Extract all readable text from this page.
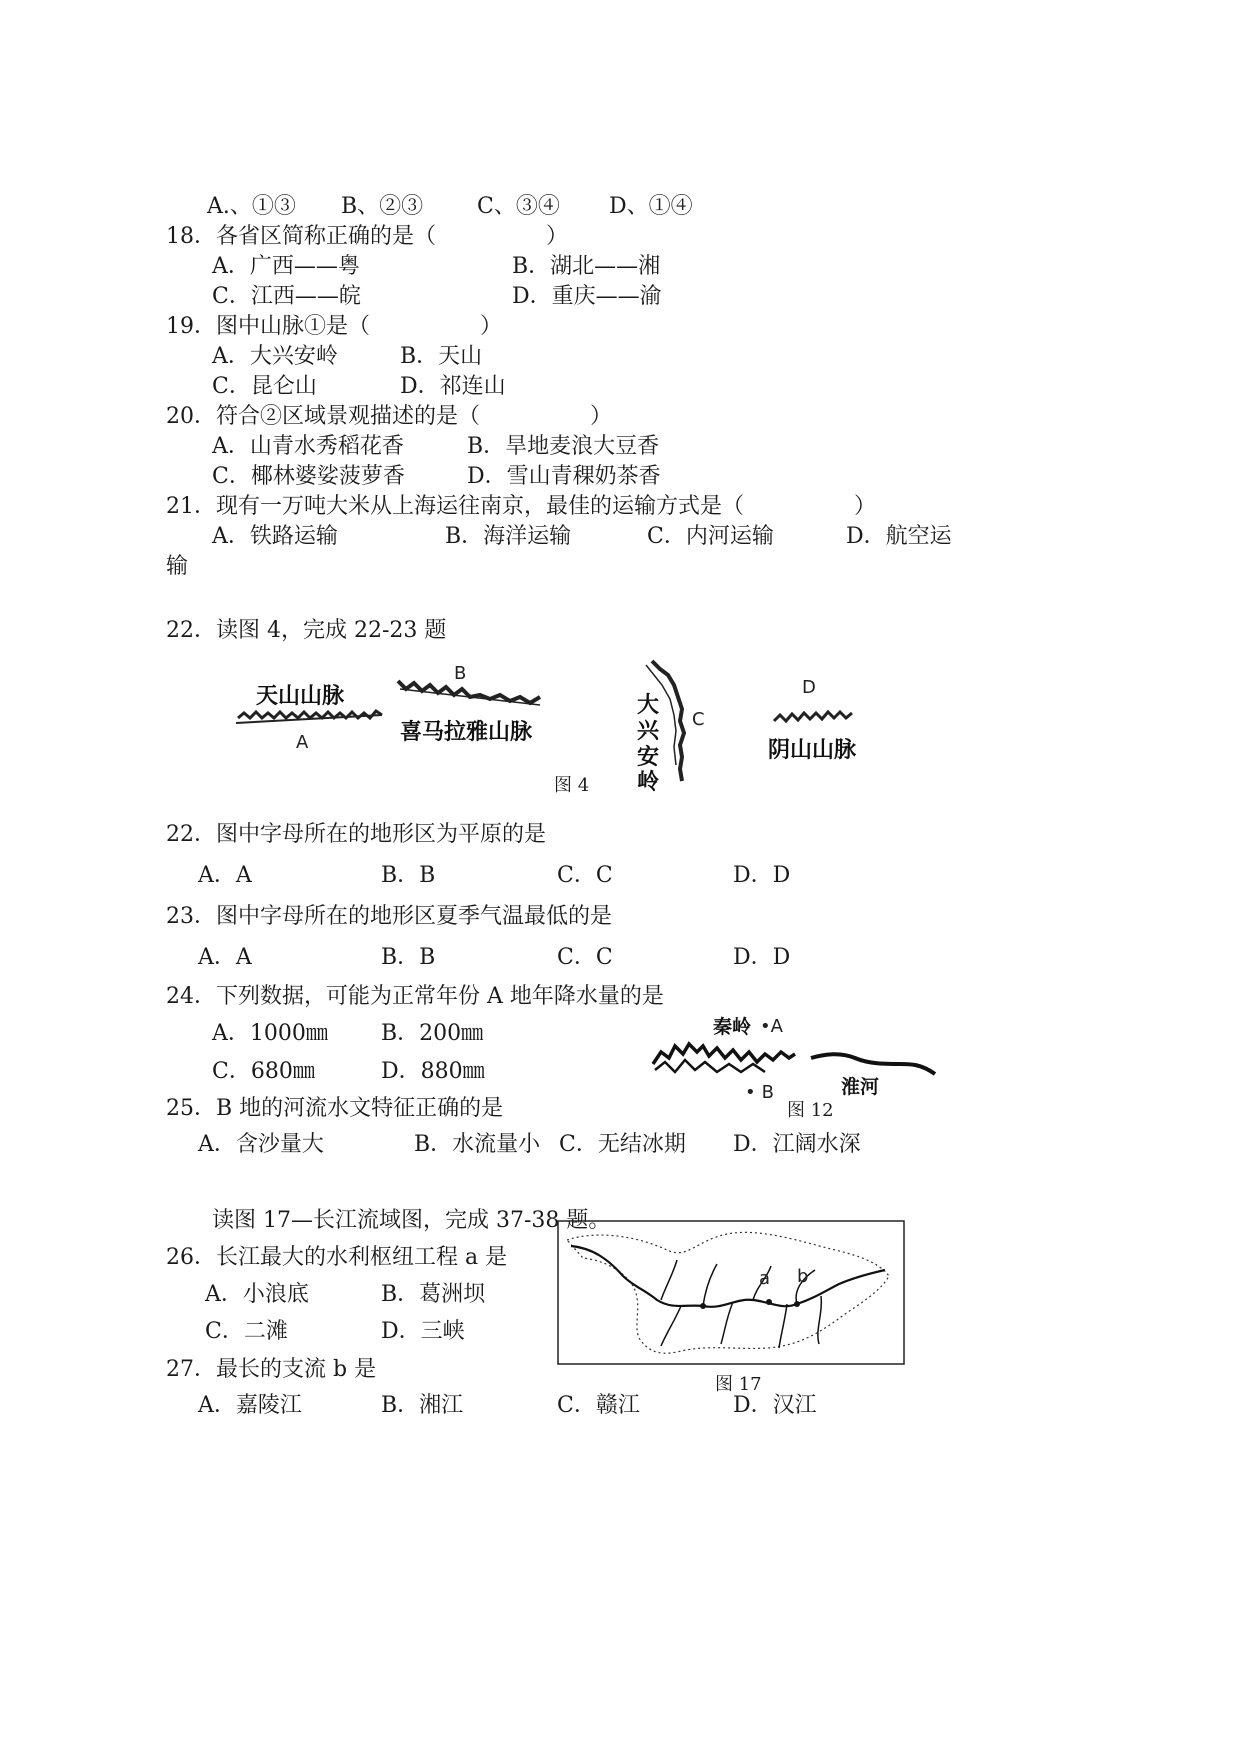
A.、①③ B、②③ C、③④ D、①④
18．各省区简称正确的是（　　　　　）
A．广西——粤	B．湖北——湘
C．江西——皖	D．重庆——渝
19．图中山脉①是（　　　　　）
A．大兴安岭	B．天山
C．昆仑山	D．祁连山
20．符合②区域景观描述的是（　　　　　）
A．山青水秀稻花香	B．旱地麦浪大豆香
C．椰林婆娑菠萝香	D．雪山青稞奶茶香
21．现有一万吨大米从上海运往南京，最佳的运输方式是（　　　　　）
A．铁路运输	B．海洋运输	C．内河运输	D．航空运
输
22．读图 4，完成 22-23 题
天山山脉
A
B
喜马拉雅山脉
大
兴
安
岭
C
D
阴山山脉
图 4
22．图中字母所在的地形区为平原的是
A．A	B．B	C．C	D．D
23．图中字母所在的地形区夏季气温最低的是
A．A	B．B	C．C	D．D
24．下列数据，可能为正常年份 A 地年降水量的是
A．1000㎜ B．200㎜
C．680㎜	D．880㎜
秦岭 •A
• B	淮河
图 12
25．B 地的河流水文特征正确的是
A．含沙量大	B．水流量小 C．无结冰期 D．江阔水深
读图 17—长江流域图，完成 37-38 题。
a b
图 17
26．长江最大的水利枢纽工程 a 是
A．小浪底	B．葛洲坝
C．二滩	D．三峡
27．最长的支流 b 是
A．嘉陵江	B．湘江	C．赣江	D．汉江
